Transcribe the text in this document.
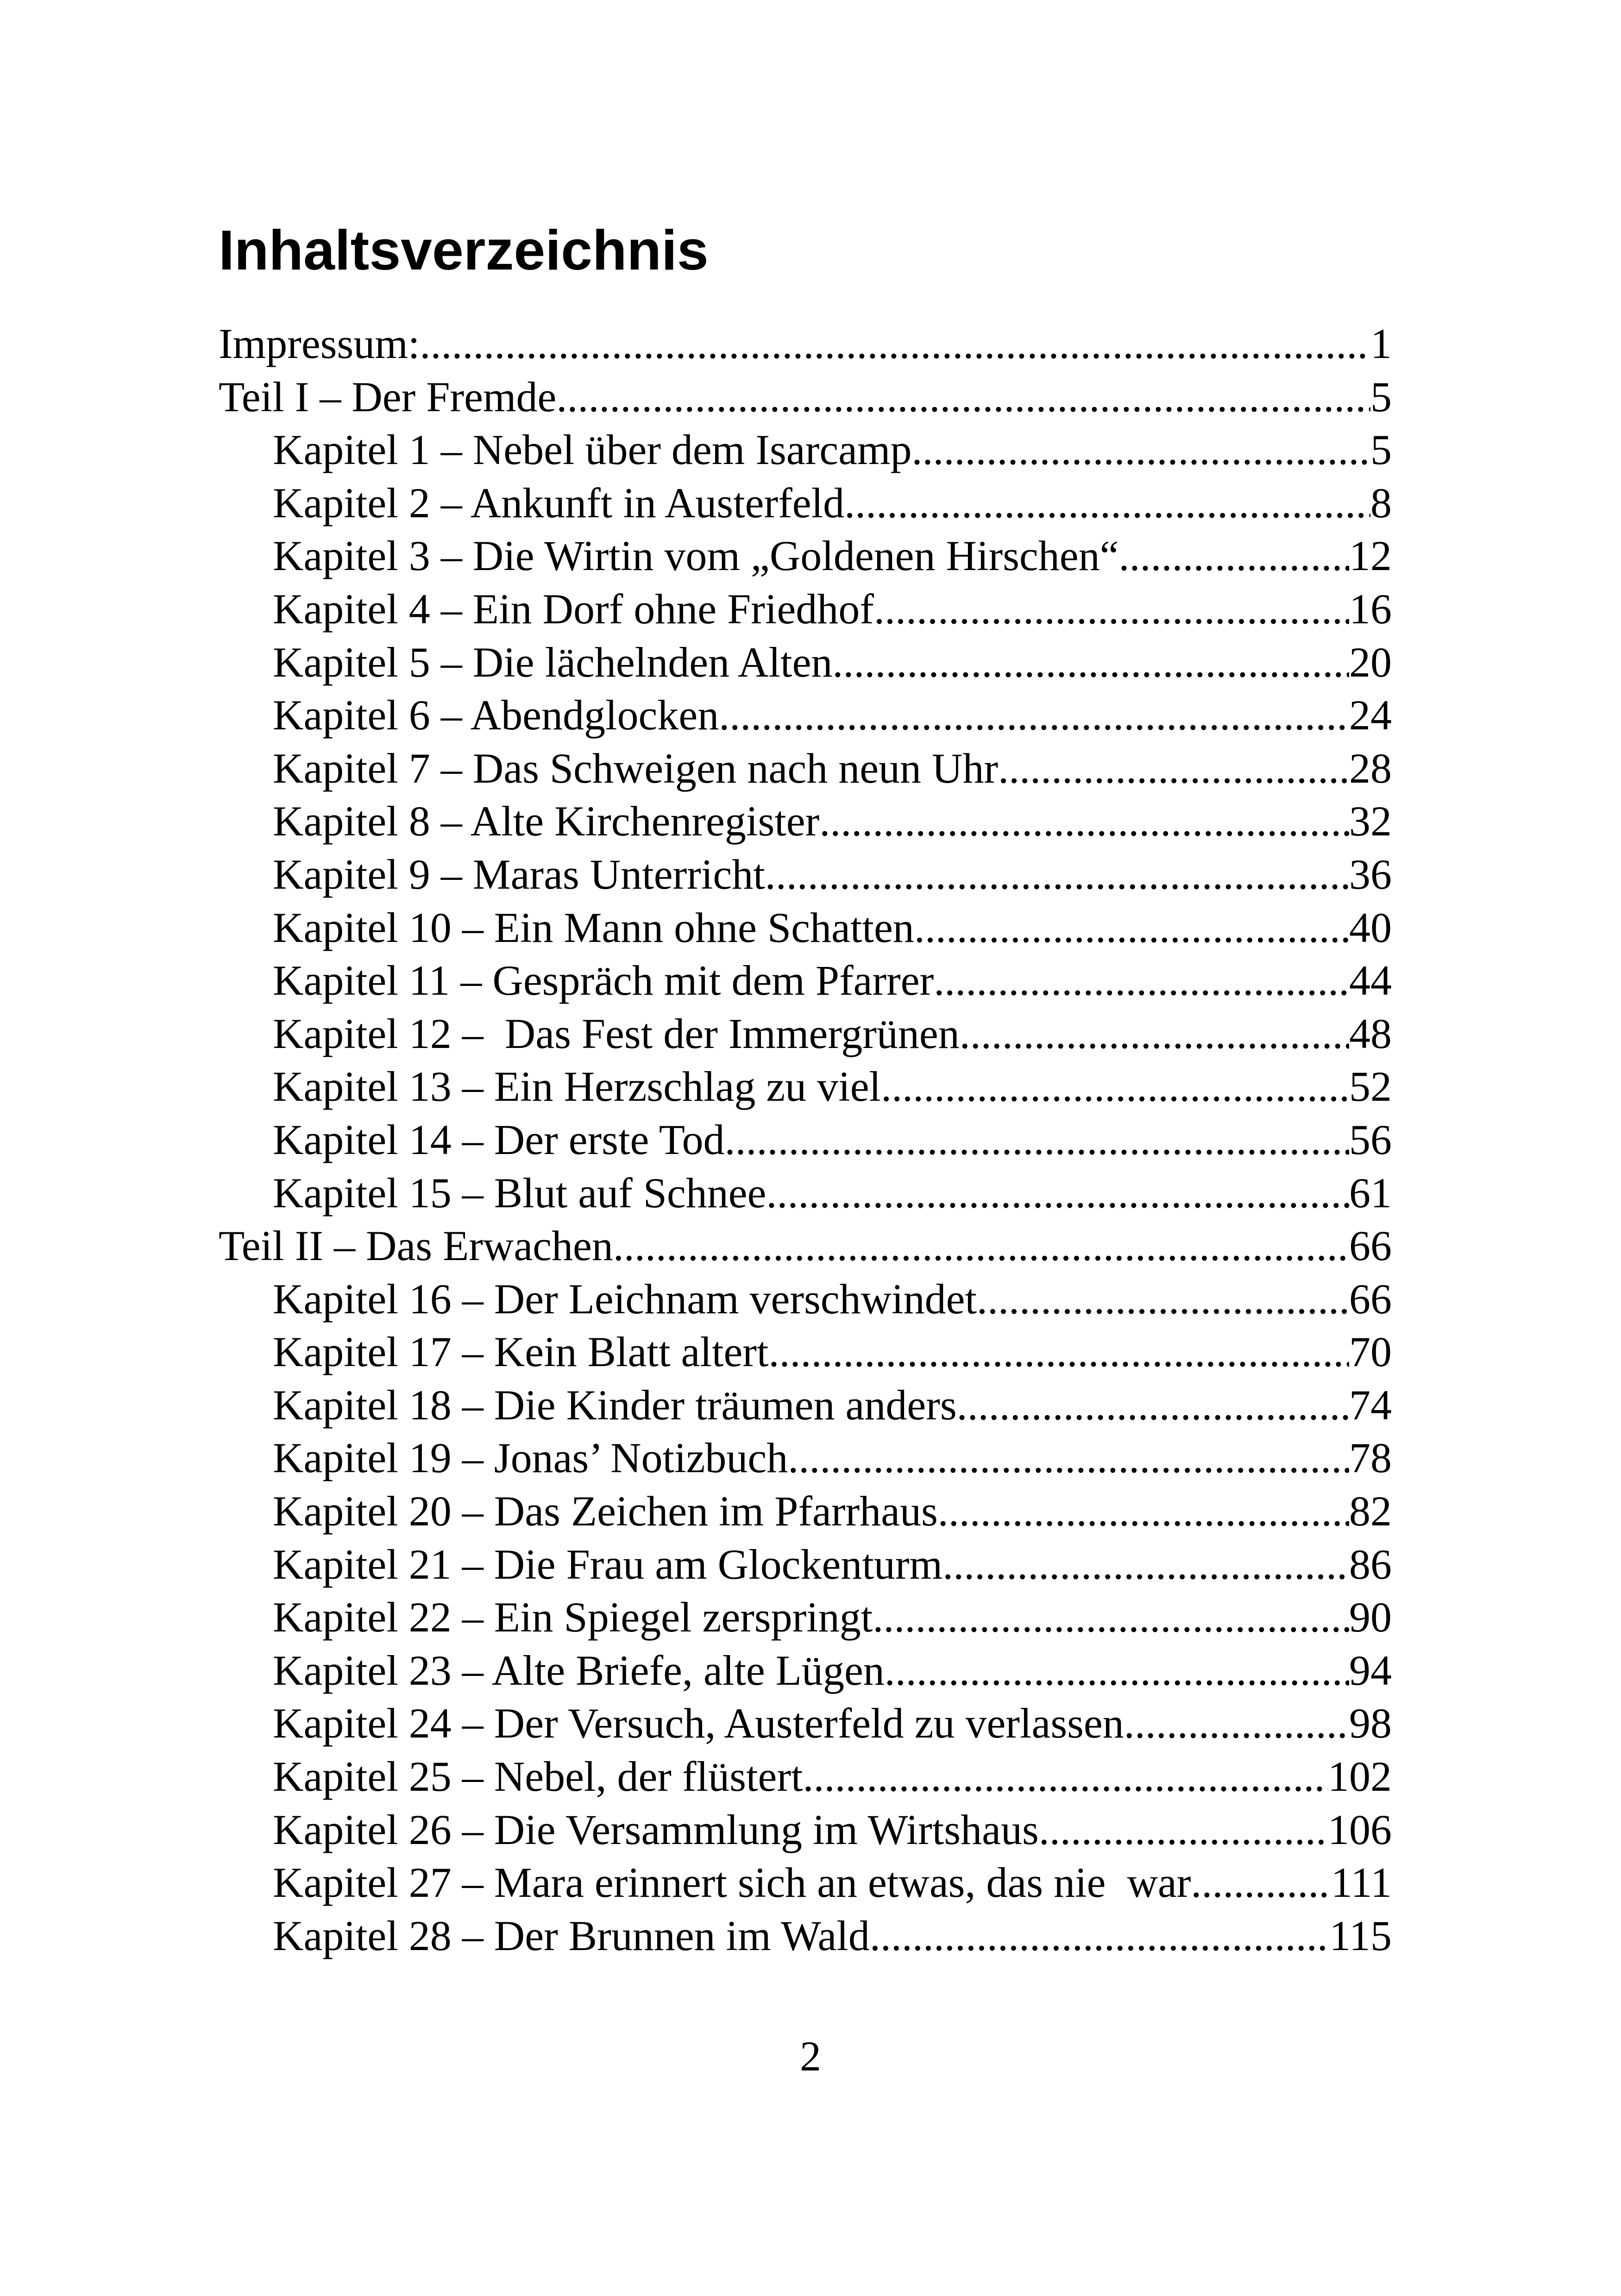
Inhaltsverzeichnis
Impressum: .....	1
Teil I – Der Fremde .....	5
Kapitel 1 – Nebel über dem Isarcamp .....	5
Kapitel 2 – Ankunft in Austerfeld .....	8
Kapitel 3 – Die Wirtin vom „Goldenen Hirschen“ .....	12
Kapitel 4 – Ein Dorf ohne Friedhof .....	16
Kapitel 5 – Die lächelnden Alten .....	20
Kapitel 6 – Abendglocken .....	24
Kapitel 7 – Das Schweigen nach neun Uhr .....	28
Kapitel 8 – Alte Kirchenregister .....	32
Kapitel 9 – Maras Unterricht .....	36
Kapitel 10 – Ein Mann ohne Schatten .....	40
Kapitel 11 – Gespräch mit dem Pfarrer .....	44
Kapitel 12 –  Das Fest der Immergrünen .....	48
Kapitel 13 – Ein Herzschlag zu viel .....	52
Kapitel 14 – Der erste Tod .....	56
Kapitel 15 – Blut auf Schnee .....	61
Teil II – Das Erwachen .....	66
Kapitel 16 – Der Leichnam verschwindet .....	66
Kapitel 17 – Kein Blatt altert .....	70
Kapitel 18 – Die Kinder träumen anders .....	74
Kapitel 19 – Jonas’ Notizbuch .....	78
Kapitel 20 – Das Zeichen im Pfarrhaus .....	82
Kapitel 21 – Die Frau am Glockenturm .....	86
Kapitel 22 – Ein Spiegel zerspringt .....	90
Kapitel 23 – Alte Briefe, alte Lügen .....	94
Kapitel 24 – Der Versuch, Austerfeld zu verlassen .....	98
Kapitel 25 – Nebel, der flüstert .....	102
Kapitel 26 – Die Versammlung im Wirtshaus .....	106
Kapitel 27 – Mara erinnert sich an etwas, das nie  war .....	111
Kapitel 28 – Der Brunnen im Wald .....	115
2
